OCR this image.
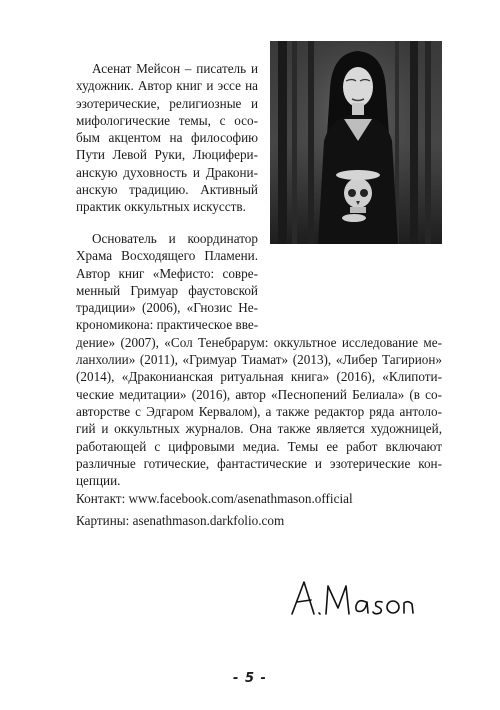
Асенат Мейсон – писатель и художник. Автор книг и эссе на эзотерические, религиозные и мифологические темы, с осо-бым акцентом на философию Пути Левой Руки, Люцифери-анскую духовность и Дракони-анскую традицию. Активный практик оккультных искусств.

Основатель и координатор
Храма Восходящего Пламени.
Автор книг «Мефисто: совре-
менный Гримуар фаустовской
традиции» (2006), «Гнозис Не-
крономикона: практическое вве-
дение» (2007), «Сол Тенебрарум: оккультное исследование ме-
ланхолии» (2011), «Гримуар Тиамат» (2013), «Либер Тагирион»
(2014), «Драконианская ритуальная книга» (2016), «Клипоти-
ческие медитации» (2016), автор «Песнопений Белиала» (в со-
авторстве с Эдгаром Кервалом), а также редактор ряда антоло-
гий и оккультных журналов. Она также является художницей,
работающей с цифровыми медиа. Темы ее работ включают
различные готические, фантастические и эзотерические кон-
цепции.

Контакт: www.facebook.com/asenathmason.official

Картины: asenathmason.darkfolio.com

- 5 -
